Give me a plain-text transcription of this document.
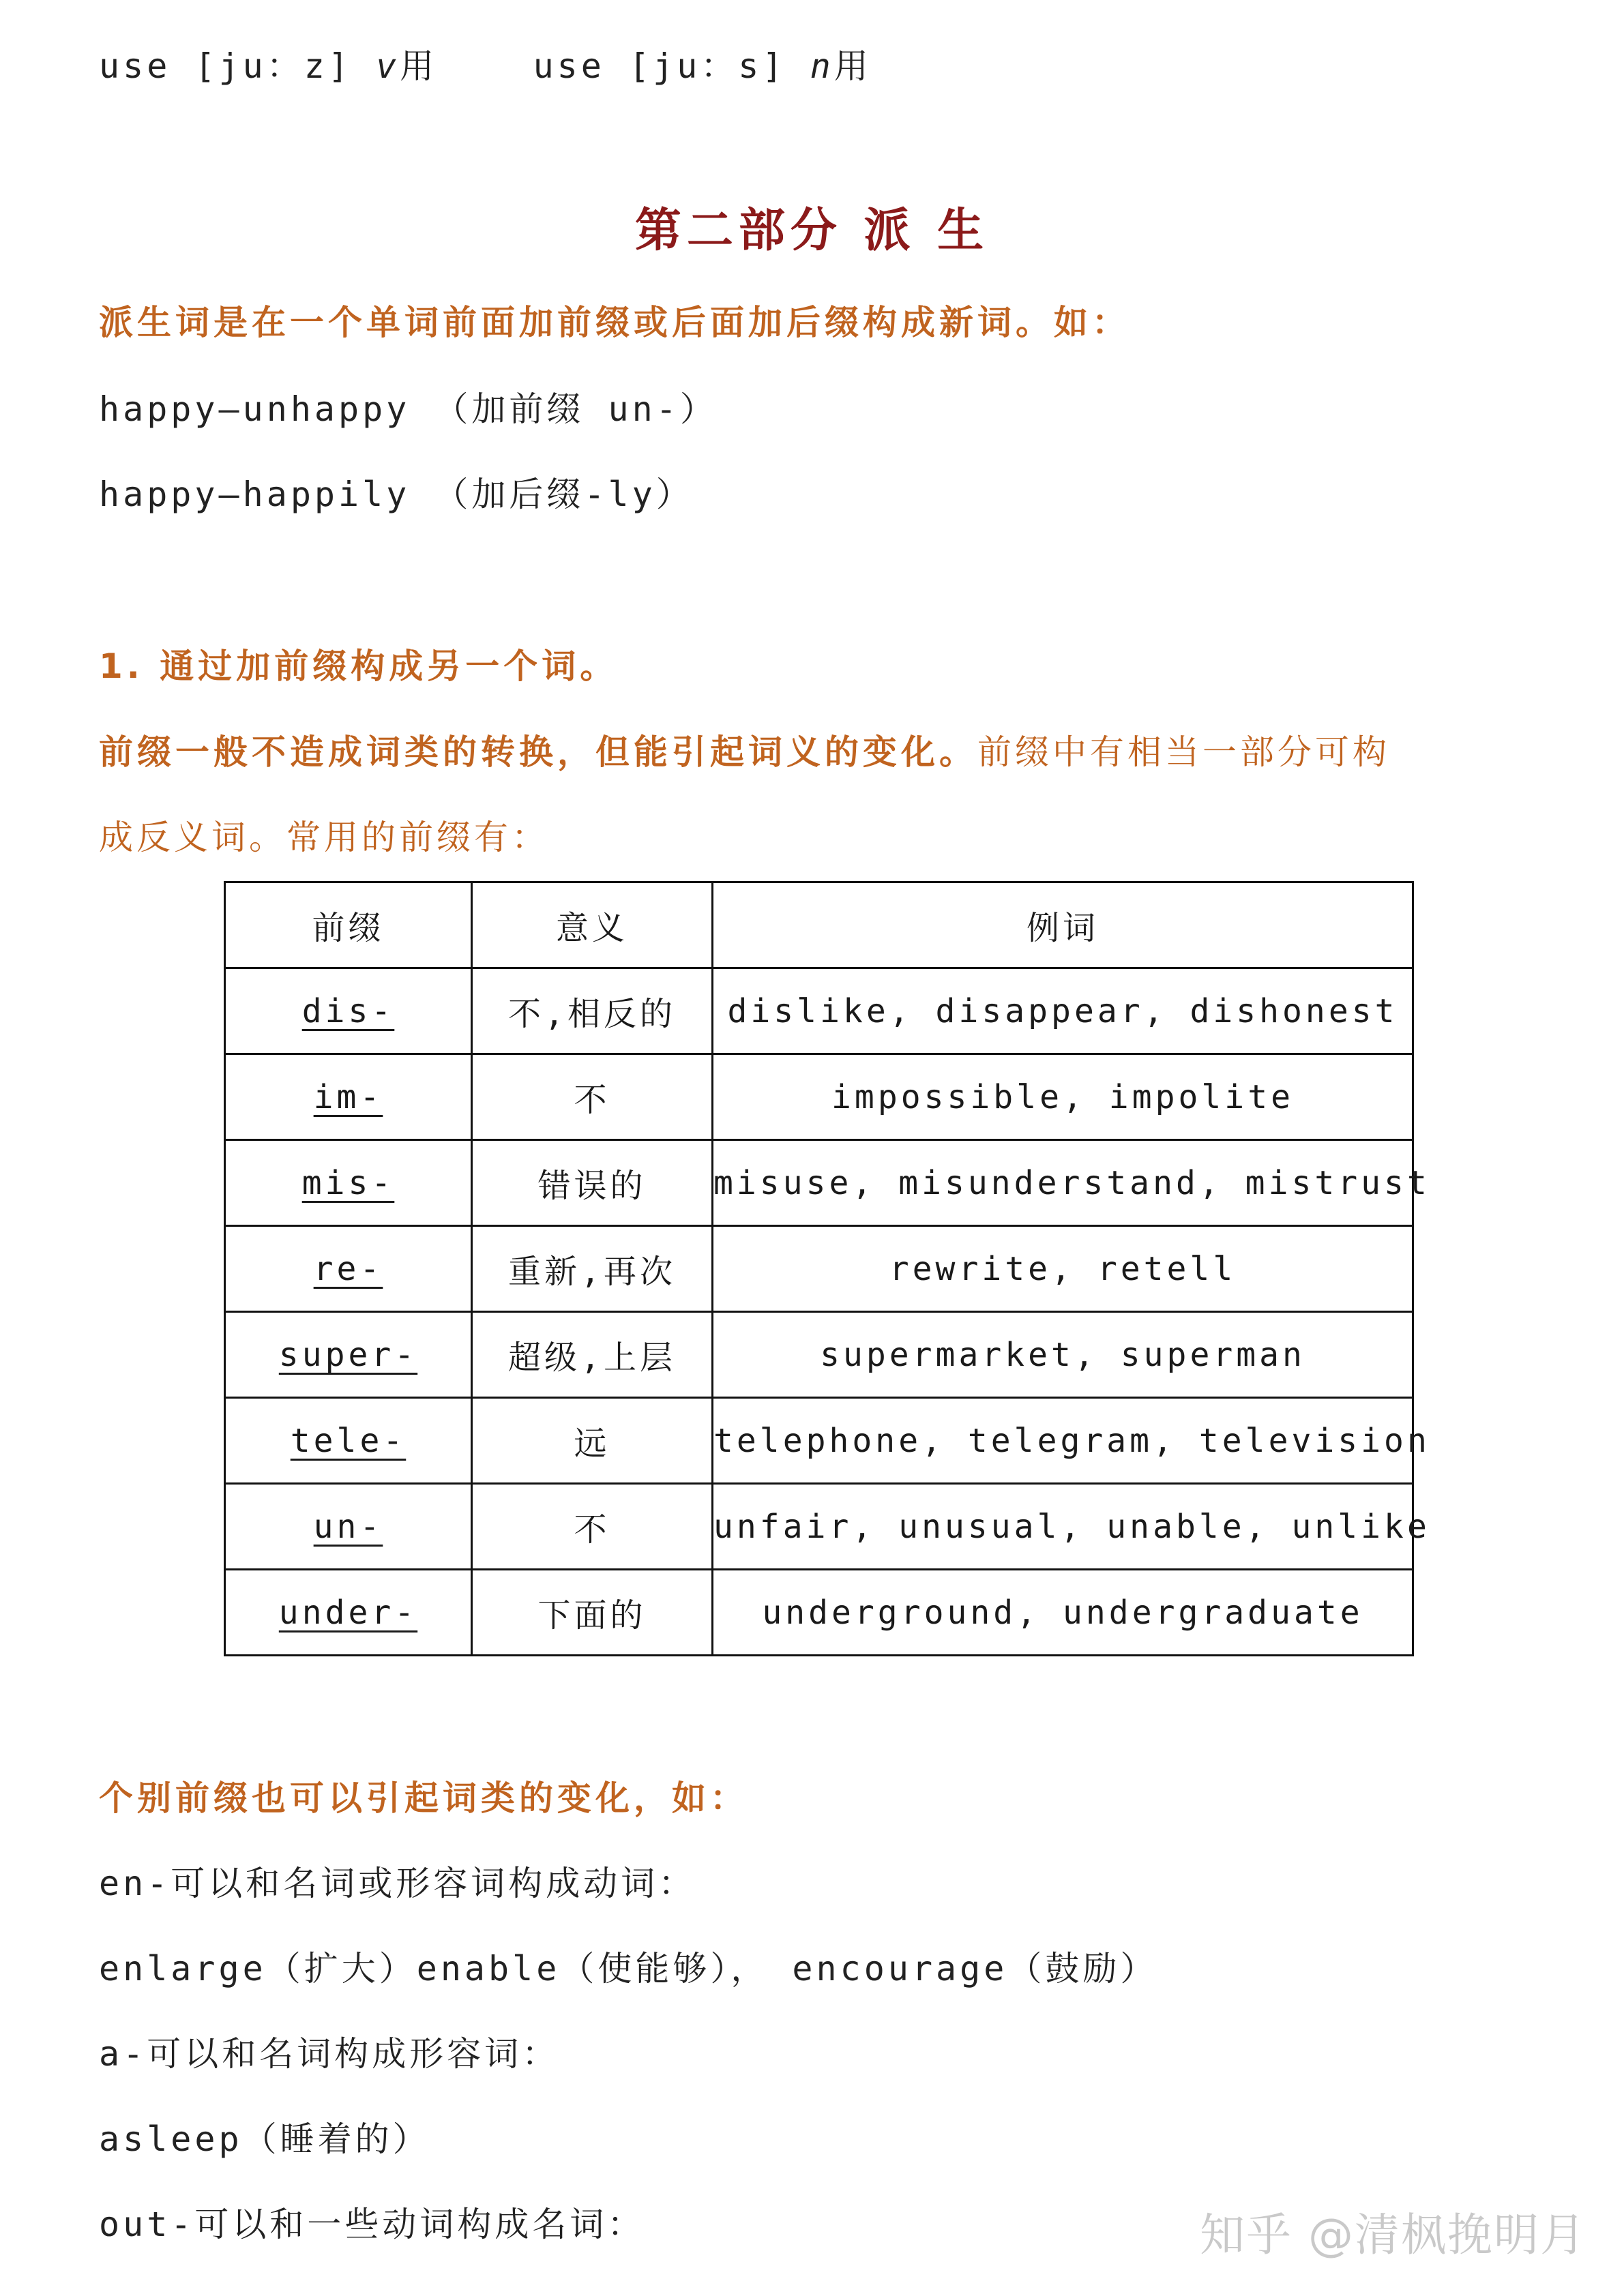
use [ju：z] v用	use [ju：s] n用
第二部分 派 生
派生词是在一个单词前面加前缀或后面加后缀构成新词。如：
happy—unhappy （加前缀 un-）
happy—happily （加后缀-ly）
1. 通过加前缀构成另一个词。
前缀一般不造成词类的转换，但能引起词义的变化。前缀中有相当一部分可构
成反义词。常用的前缀有：
前缀	意义	例词
dis-	不,相反的	dislike, disappear, dishonest
im-	不	impossible, impolite
mis-	错误的	misuse, misunderstand, mistrust
re-	重新,再次	rewrite, retell
super-	超级,上层	supermarket, superman
tele-	远	telephone, telegram, television
un-	不	unfair, unusual, unable, unlike
under-	下面的	underground, undergraduate
个别前缀也可以引起词类的变化，如：
en-可以和名词或形容词构成动词：
enlarge（扩大）enable（使能够）， encourage（鼓励）
a-可以和名词构成形容词：
asleep（睡着的）
out-可以和一些动词构成名词：	知乎 @清枫挽明月
